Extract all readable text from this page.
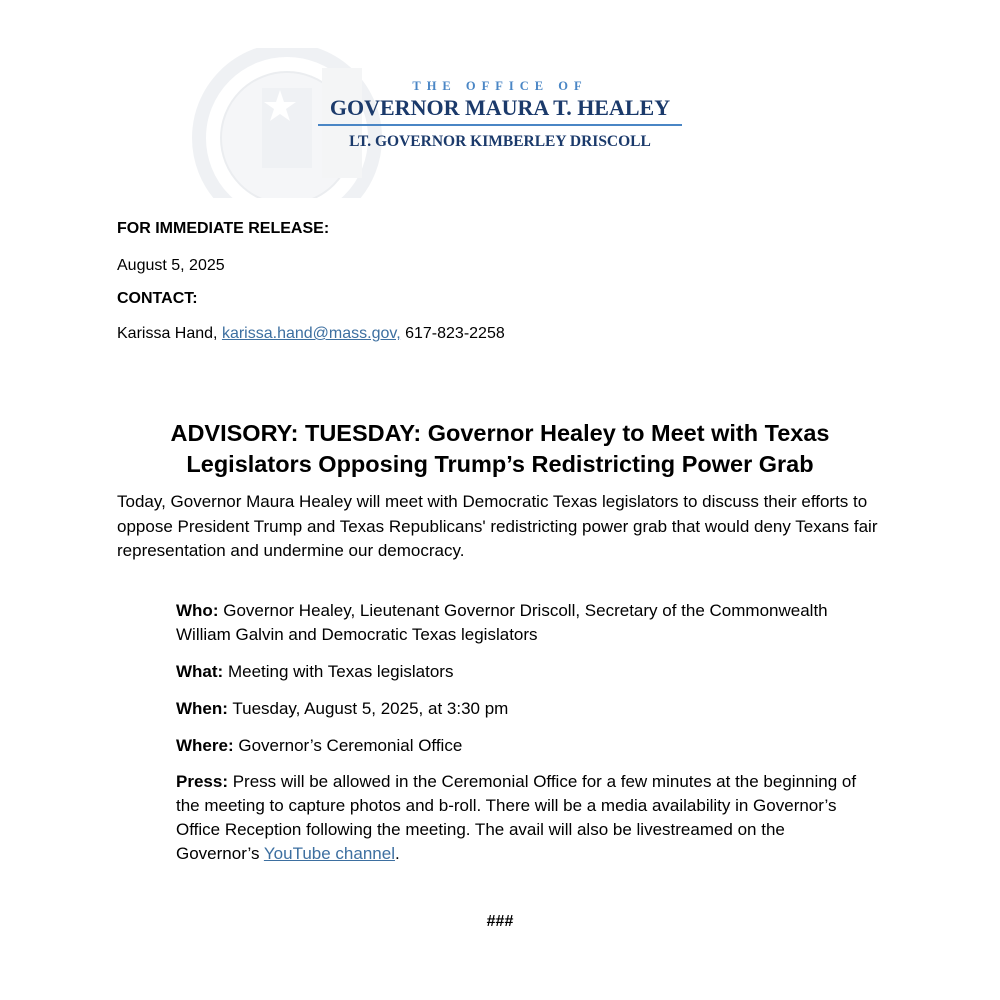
THE OFFICE OF
GOVERNOR MAURA T. HEALEY
LT. GOVERNOR KIMBERLEY DRISCOLL
FOR IMMEDIATE RELEASE:
August 5, 2025
CONTACT:
Karissa Hand, karissa.hand@mass.gov, 617-823-2258
ADVISORY: TUESDAY: Governor Healey to Meet with Texas
Legislators Opposing Trump’s Redistricting Power Grab
Today, Governor Maura Healey will meet with Democratic Texas legislators to discuss their efforts to oppose President Trump and Texas Republicans' redistricting power grab that would deny Texans fair representation and undermine our democracy.
Who: Governor Healey, Lieutenant Governor Driscoll, Secretary of the Commonwealth William Galvin and Democratic Texas legislators
What: Meeting with Texas legislators
When: Tuesday, August 5, 2025, at 3:30 pm
Where: Governor’s Ceremonial Office
Press: Press will be allowed in the Ceremonial Office for a few minutes at the beginning of the meeting to capture photos and b-roll. There will be a media availability in Governor’s Office Reception following the meeting. The avail will also be livestreamed on the Governor’s YouTube channel.
###
